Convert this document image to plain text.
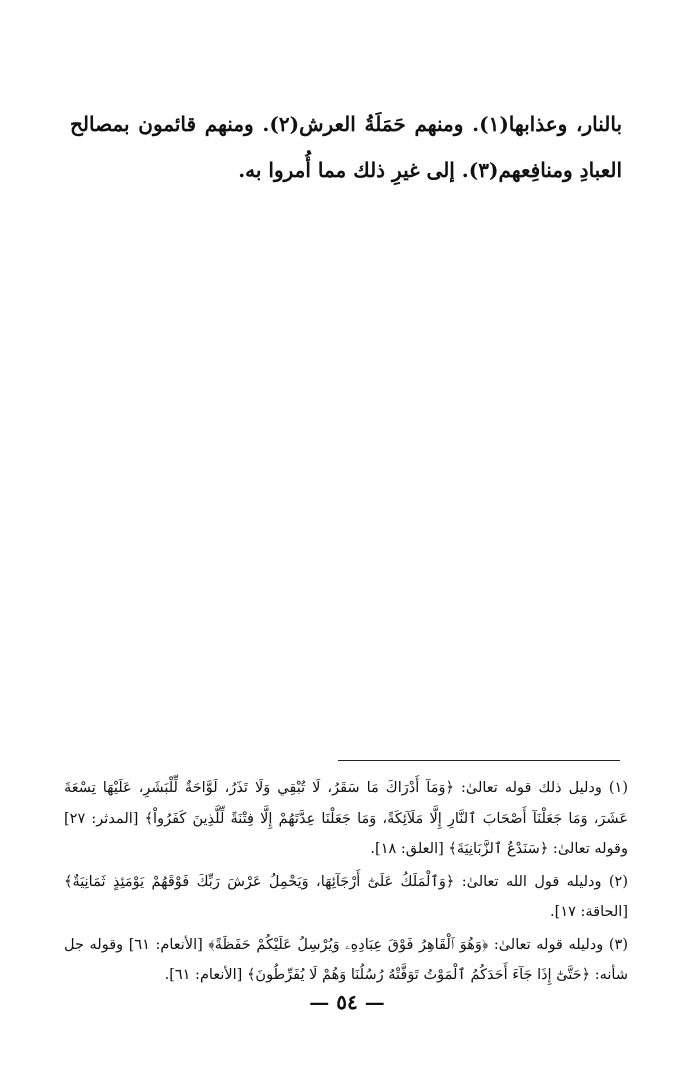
بالنار، وعذابها(١). ومنهم حَمَلَةُ العرش(٢). ومنهم قائمون بمصالح العبادِ ومنافِعهم(٣). إلى غيرِ ذلك مما أُمروا به.

(١) ودليل ذلك قوله تعالىٰ: ﴿وَمَآ أَدْرَاكَ مَا سَقَرُ، لَا تُبْقِي وَلَا تَذَرُ، لَوَّاحَةٌ لِّلْبَشَرِ، عَلَيْهَا تِسْعَةَ عَشَرَ، وَمَا جَعَلْنَآ أَصْحَابَ ٱلنَّارِ إِلَّا مَلَآئِكَةً، وَمَا جَعَلْنَا عِدَّتَهُمْ إِلَّا فِتْنَةً لِّلَّذِينَ كَفَرُواْ﴾ [المدثر: ٢٧] وقوله تعالىٰ: ﴿سَنَدْعُ ٱلزَّبَانِيَةَ﴾ [العلق: ١٨].

(٢) ودليله قول الله تعالىٰ: ﴿وَٱلْمَلَكُ عَلَىٰٓ أَرْجَآئِهَا، وَيَحْمِلُ عَرْشَ رَبِّكَ فَوْقَهُمْ يَوْمَئِذٍ ثَمَانِيَةٌ﴾ [الحاقة: ١٧].

(٣) ودليله قوله تعالىٰ: ﴿وَهُوَ ٱلْقَاهِرُ فَوْقَ عِبَادِهِۦ وَيُرْسِلُ عَلَيْكُمْ حَفَظَةً﴾ [الأنعام: ٦١] وقوله جل شأنه: ﴿حَتَّىٰٓ إِذَا جَآءَ أَحَدَكُمُ ٱلْمَوْتُ تَوَفَّتْهُ رُسُلُنَا وَهُمْ لَا يُفَرِّطُونَ﴾ [الأنعام: ٦١].

— ٥٤ —
